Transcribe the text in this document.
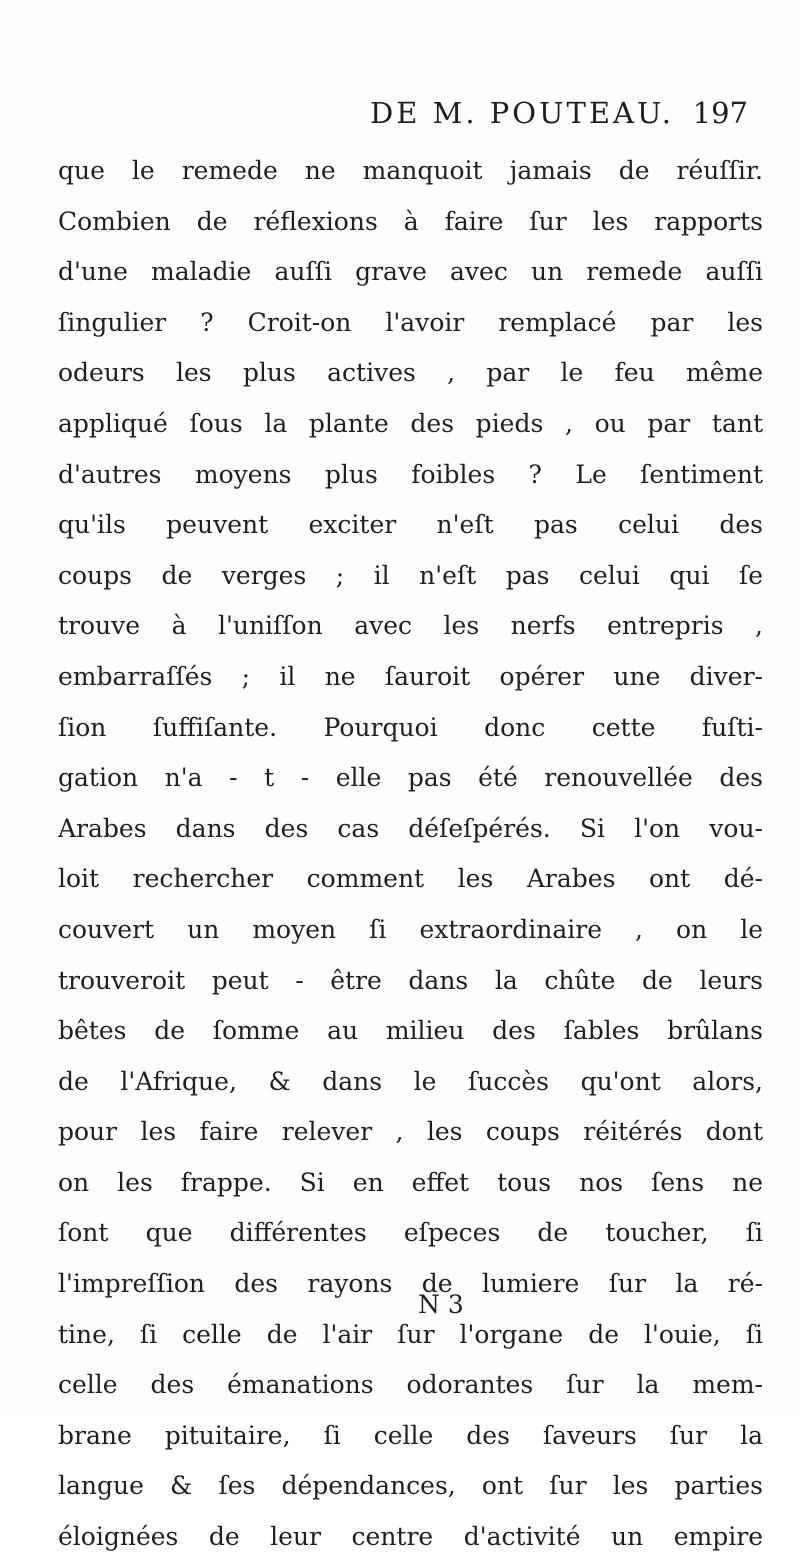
DE M. POUTEAU. 197
que le remede ne manquoit jamais de réuſſir.
Combien de réflexions à faire ſur les rapports
d'une maladie auſſi grave avec un remede auſſi
ſingulier ? Croit-on l'avoir remplacé par les
odeurs les plus actives , par le feu même
appliqué ſous la plante des pieds , ou par tant
d'autres moyens plus foibles ? Le ſentiment
qu'ils peuvent exciter n'eſt pas celui des
coups de verges ; il n'eſt pas celui qui ſe
trouve à l'uniſſon avec les nerfs entrepris ,
embarraſſés ; il ne ſauroit opérer une diver-
ſion ſuffiſante. Pourquoi donc cette fuſti-
gation n'a - t - elle pas été renouvellée des
Arabes dans des cas déſeſpérés. Si l'on vou-
loit rechercher comment les Arabes ont dé-
couvert un moyen ſi extraordinaire , on le
trouveroit peut - être dans la chûte de leurs
bêtes de ſomme au milieu des ſables brûlans
de l'Afrique, & dans le ſuccès qu'ont alors,
pour les faire relever , les coups réitérés dont
on les frappe. Si en effet tous nos ſens ne
ſont que différentes eſpeces de toucher, ſi
l'impreſſion des rayons de lumiere ſur la ré-
tine, ſi celle de l'air ſur l'organe de l'ouie, ſi
celle des émanations odorantes ſur la mem-
brane pituitaire, ſi celle des ſaveurs ſur la
langue & ſes dépendances, ont ſur les parties
éloignées de leur centre d'activité un empire
N 3
